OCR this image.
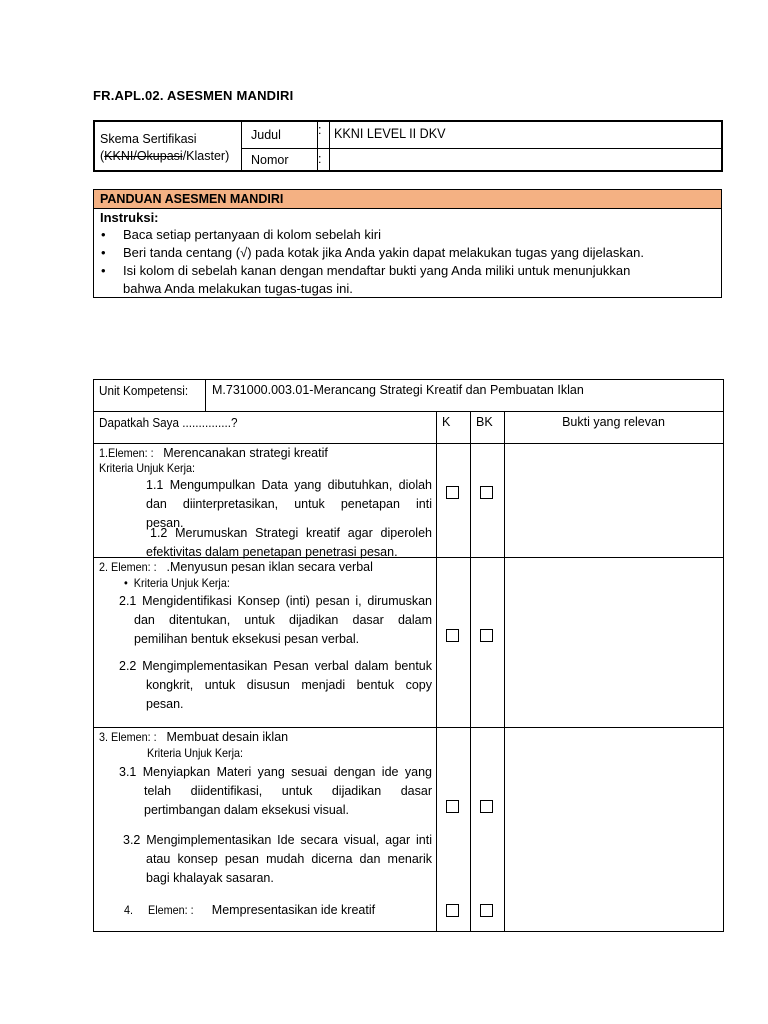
FR.APL.02. ASESMEN MANDIRI
Skema Sertifikasi
(KKNI/Okupasi/Klaster)
Judul
Nomor
:
:
KKNI LEVEL II DKV
PANDUAN ASESMEN MANDIRI
Instruksi:
• Baca setiap pertanyaan di kolom sebelah kiri
• Beri tanda centang (√) pada kotak jika Anda yakin dapat melakukan tugas yang dijelaskan.
• Isi kolom di sebelah kanan dengan mendaftar bukti yang Anda miliki untuk menunjukkan
bahwa Anda melakukan tugas-tugas ini.
Unit Kompetensi: M.731000.003.01-Merancang Strategi Kreatif dan Pembuatan Iklan
Dapatkah Saya ...............?	K BK	Bukti yang relevan
1.Elemen: : Merencanakan strategi kreatif
Kriteria Unjuk Kerja:
1.1 Mengumpulkan Data yang dibutuhkan, diolah
dan diinterpretasikan, untuk penetapan inti
pesan.
1.2 Merumuskan Strategi kreatif agar diperoleh
efektivitas dalam penetapan penetrasi pesan.
2. Elemen: : .Menyusun pesan iklan secara verbal
•  Kriteria Unjuk Kerja:
2.1 Mengidentifikasi Konsep (inti) pesan i, dirumuskan
dan ditentukan, untuk dijadikan dasar dalam
pemilihan bentuk eksekusi pesan verbal.
2.2 Mengimplementasikan Pesan verbal dalam bentuk
kongkrit, untuk disusun menjadi bentuk copy
pesan.
3. Elemen: : Membuat desain iklan
Kriteria Unjuk Kerja:
3.1 Menyiapkan Materi yang sesuai dengan ide yang
telah diidentifikasi, untuk dijadikan dasar
pertimbangan dalam eksekusi visual.
3.2 Mengimplementasikan Ide secara visual, agar inti
atau konsep pesan mudah dicerna dan menarik
bagi khalayak sasaran.
4.     Elemen: : Mempresentasikan ide kreatif
